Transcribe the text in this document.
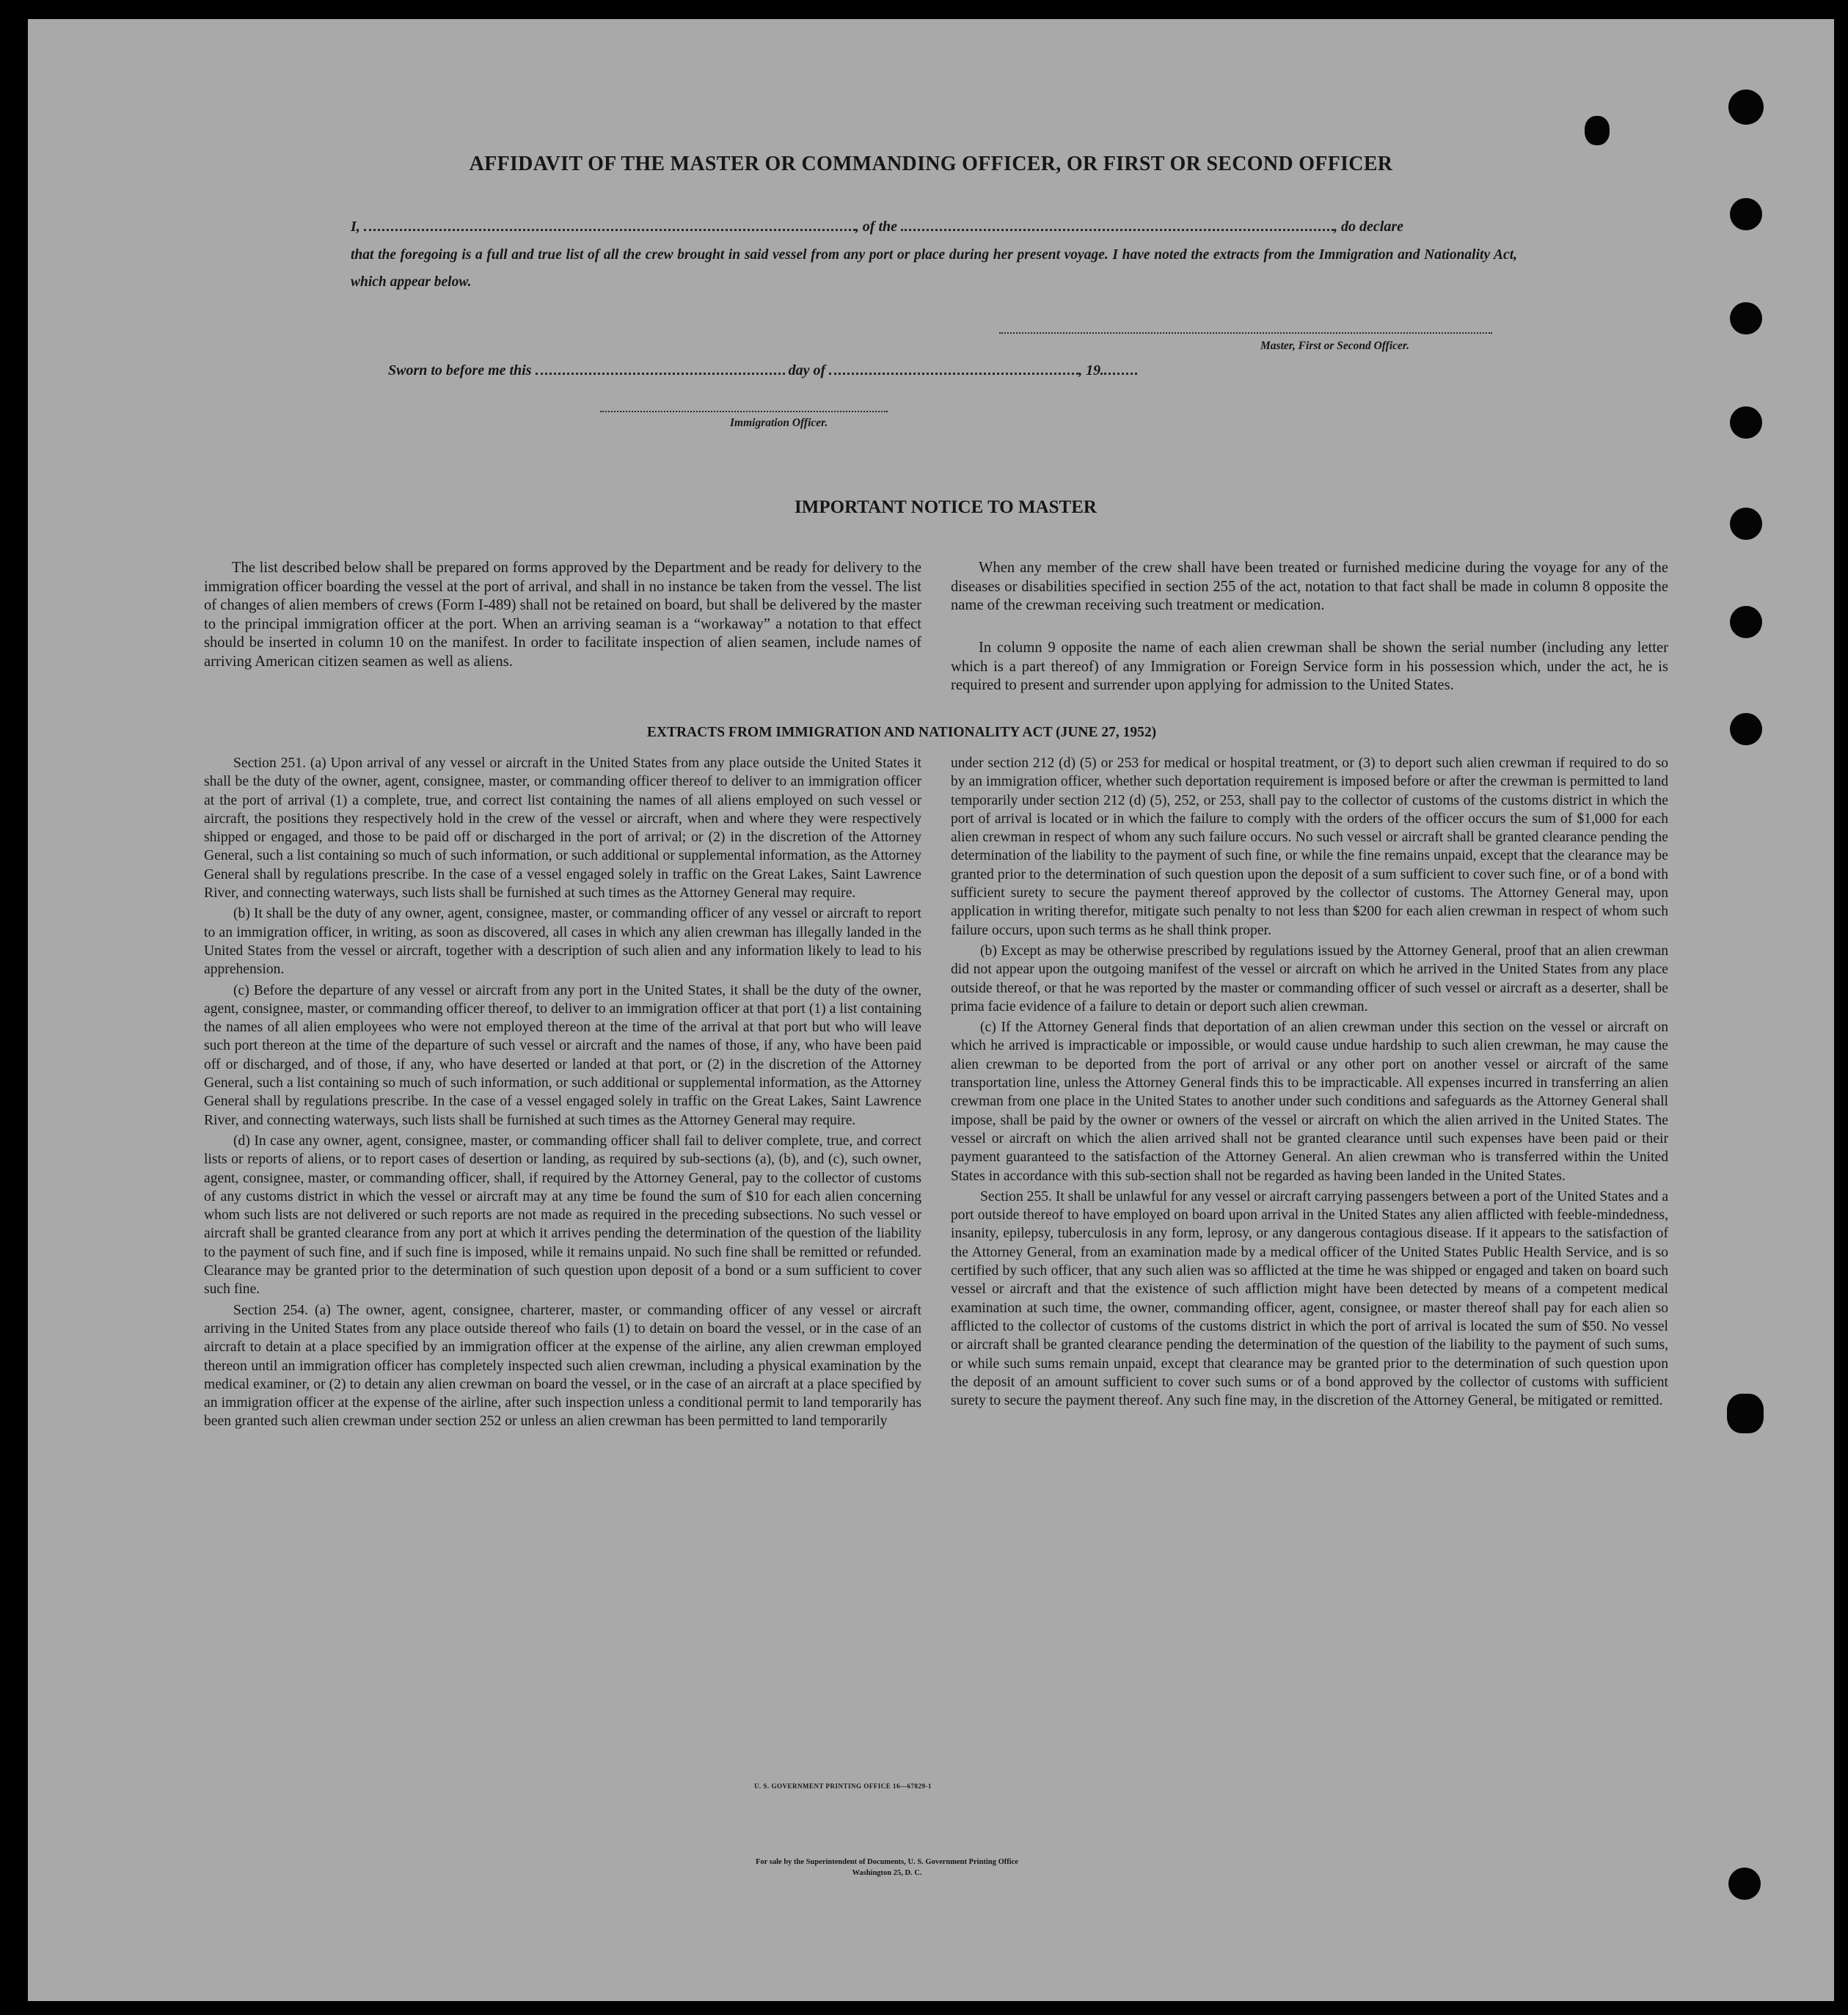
AFFIDAVIT OF THE MASTER OR COMMANDING OFFICER, OR FIRST OR SECOND OFFICER
I,	, of the	, do declare
that the foregoing is a full and true list of all the crew brought in said vessel from any port or place during her present voyage. I have noted the extracts from the Immigration and Nationality Act, which appear below.
Master, First or Second Officer.
Sworn to before me this	day of	, 19
Immigration Officer.
IMPORTANT NOTICE TO MASTER

The list described below shall be prepared on forms approved by the Department and be ready for delivery to the immigration officer boarding the vessel at the port of arrival, and shall in no instance be taken from the vessel. The list of changes of alien members of crews (Form I-489) shall not be retained on board, but shall be delivered by the master to the principal immigration officer at the port. When an arriving seaman is a “workaway” a notation to that effect should be inserted in column 10 on the manifest. In order to facilitate inspection of alien seamen, include names of arriving American citizen seamen as well as aliens.

When any member of the crew shall have been treated or furnished medicine during the voyage for any of the diseases or disabilities specified in section 255 of the act, notation to that fact shall be made in column 8 opposite the name of the crewman receiving such treatment or medication.

In column 9 opposite the name of each alien crewman shall be shown the serial number (including any letter which is a part thereof) of any Immigration or Foreign Service form in his possession which, under the act, he is required to present and surrender upon applying for admission to the United States.

EXTRACTS FROM IMMIGRATION AND NATIONALITY ACT (JUNE 27, 1952)

Section 251. (a) Upon arrival of any vessel or aircraft in the United States from any place outside the United States it shall be the duty of the owner, agent, consignee, master, or commanding officer thereof to deliver to an immigration officer at the port of arrival (1) a complete, true, and correct list containing the names of all aliens employed on such vessel or aircraft, the positions they respectively hold in the crew of the vessel or aircraft, when and where they were respectively shipped or engaged, and those to be paid off or discharged in the port of arrival; or (2) in the discretion of the Attorney General, such a list containing so much of such information, or such additional or supplemental information, as the Attorney General shall by regulations prescribe. In the case of a vessel engaged solely in traffic on the Great Lakes, Saint Lawrence River, and connecting waterways, such lists shall be furnished at such times as the Attorney General may require.

(b) It shall be the duty of any owner, agent, consignee, master, or commanding officer of any vessel or aircraft to report to an immigration officer, in writing, as soon as discovered, all cases in which any alien crewman has illegally landed in the United States from the vessel or aircraft, together with a description of such alien and any information likely to lead to his apprehension.

(c) Before the departure of any vessel or aircraft from any port in the United States, it shall be the duty of the owner, agent, consignee, master, or commanding officer thereof, to deliver to an immigration officer at that port (1) a list containing the names of all alien employees who were not employed thereon at the time of the arrival at that port but who will leave such port thereon at the time of the departure of such vessel or aircraft and the names of those, if any, who have been paid off or discharged, and of those, if any, who have deserted or landed at that port, or (2) in the discretion of the Attorney General, such a list containing so much of such information, or such additional or supplemental information, as the Attorney General shall by regulations prescribe. In the case of a vessel engaged solely in traffic on the Great Lakes, Saint Lawrence River, and connecting waterways, such lists shall be furnished at such times as the Attorney General may require.

(d) In case any owner, agent, consignee, master, or commanding officer shall fail to deliver complete, true, and correct lists or reports of aliens, or to report cases of desertion or landing, as required by sub-sections (a), (b), and (c), such owner, agent, consignee, master, or commanding officer, shall, if required by the Attorney General, pay to the collector of customs of any customs district in which the vessel or aircraft may at any time be found the sum of $10 for each alien concerning whom such lists are not delivered or such reports are not made as required in the preceding subsections. No such vessel or aircraft shall be granted clearance from any port at which it arrives pending the determination of the question of the liability to the payment of such fine, and if such fine is imposed, while it remains unpaid. No such fine shall be remitted or refunded. Clearance may be granted prior to the determination of such question upon deposit of a bond or a sum sufficient to cover such fine.

Section 254. (a) The owner, agent, consignee, charterer, master, or commanding officer of any vessel or aircraft arriving in the United States from any place outside thereof who fails (1) to detain on board the vessel, or in the case of an aircraft to detain at a place specified by an immigration officer at the expense of the airline, any alien crewman employed thereon until an immigration officer has completely inspected such alien crewman, including a physical examination by the medical examiner, or (2) to detain any alien crewman on board the vessel, or in the case of an aircraft at a place specified by an immigration officer at the expense of the airline, after such inspection unless a conditional permit to land temporarily has been granted such alien crewman under section 252 or unless an alien crewman has been permitted to land temporarily

under section 212 (d) (5) or 253 for medical or hospital treatment, or (3) to deport such alien crewman if required to do so by an immigration officer, whether such deportation requirement is imposed before or after the crewman is permitted to land temporarily under section 212 (d) (5), 252, or 253, shall pay to the collector of customs of the customs district in which the port of arrival is located or in which the failure to comply with the orders of the officer occurs the sum of $1,000 for each alien crewman in respect of whom any such failure occurs. No such vessel or aircraft shall be granted clearance pending the determination of the liability to the payment of such fine, or while the fine remains unpaid, except that the clearance may be granted prior to the determination of such question upon the deposit of a sum sufficient to cover such fine, or of a bond with sufficient surety to secure the payment thereof approved by the collector of customs. The Attorney General may, upon application in writing therefor, mitigate such penalty to not less than $200 for each alien crewman in respect of whom such failure occurs, upon such terms as he shall think proper.

(b) Except as may be otherwise prescribed by regulations issued by the Attorney General, proof that an alien crewman did not appear upon the outgoing manifest of the vessel or aircraft on which he arrived in the United States from any place outside thereof, or that he was reported by the master or commanding officer of such vessel or aircraft as a deserter, shall be prima facie evidence of a failure to detain or deport such alien crewman.

(c) If the Attorney General finds that deportation of an alien crewman under this section on the vessel or aircraft on which he arrived is impracticable or impossible, or would cause undue hardship to such alien crewman, he may cause the alien crewman to be deported from the port of arrival or any other port on another vessel or aircraft of the same transportation line, unless the Attorney General finds this to be impracticable. All expenses incurred in transferring an alien crewman from one place in the United States to another under such conditions and safeguards as the Attorney General shall impose, shall be paid by the owner or owners of the vessel or aircraft on which the alien arrived in the United States. The vessel or aircraft on which the alien arrived shall not be granted clearance until such expenses have been paid or their payment guaranteed to the satisfaction of the Attorney General. An alien crewman who is transferred within the United States in accordance with this sub-section shall not be regarded as having been landed in the United States.

Section 255. It shall be unlawful for any vessel or aircraft carrying passengers between a port of the United States and a port outside thereof to have employed on board upon arrival in the United States any alien afflicted with feeble-mindedness, insanity, epilepsy, tuberculosis in any form, leprosy, or any dangerous contagious disease. If it appears to the satisfaction of the Attorney General, from an examination made by a medical officer of the United States Public Health Service, and is so certified by such officer, that any such alien was so afflicted at the time he was shipped or engaged and taken on board such vessel or aircraft and that the existence of such affliction might have been detected by means of a competent medical examination at such time, the owner, commanding officer, agent, consignee, or master thereof shall pay for each alien so afflicted to the collector of customs of the customs district in which the port of arrival is located the sum of $50. No vessel or aircraft shall be granted clearance pending the determination of the question of the liability to the payment of such sums, or while such sums remain unpaid, except that clearance may be granted prior to the determination of such question upon the deposit of an amount sufficient to cover such sums or of a bond approved by the collector of customs with sufficient surety to secure the payment thereof. Any such fine may, in the discretion of the Attorney General, be mitigated or remitted.

U. S. GOVERNMENT PRINTING OFFICE 16—67829-1
For sale by the Superintendent of Documents, U. S. Government Printing Office
Washington 25, D. C.
